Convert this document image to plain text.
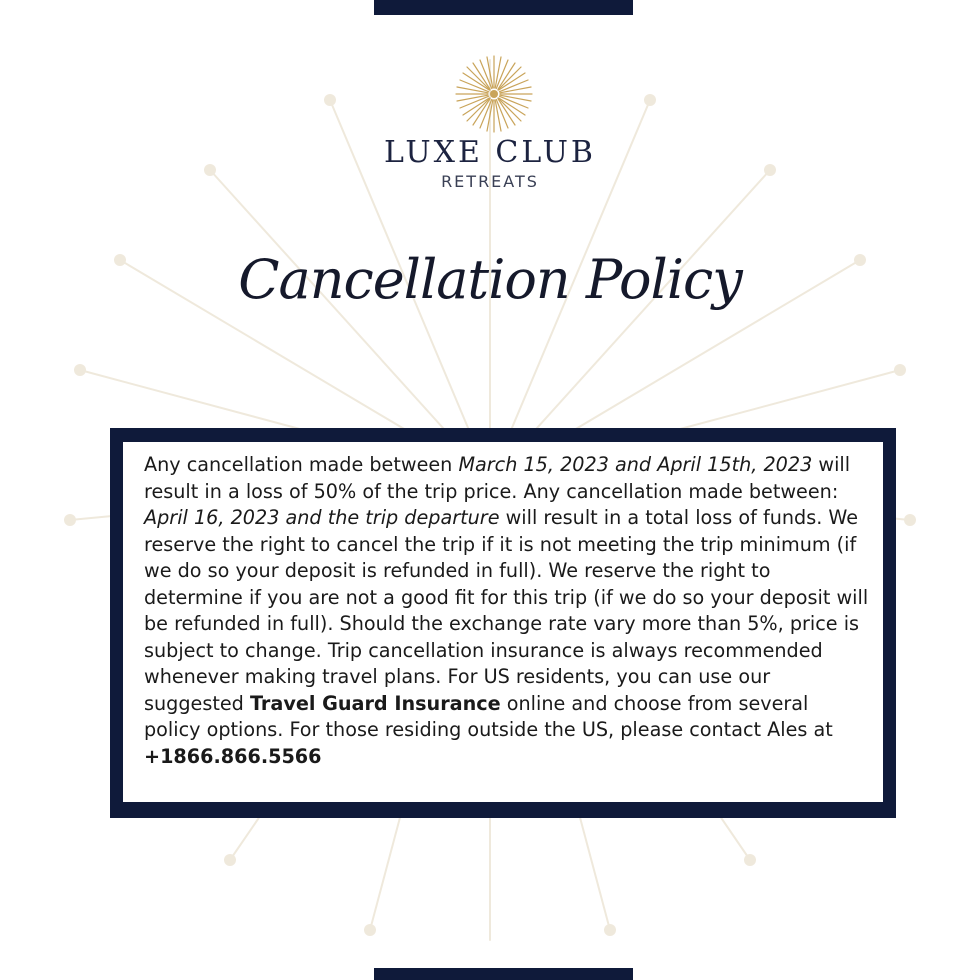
LUXE CLUB
RETREATS
Cancellation Policy

Any cancellation made between March 15, 2023 and April 15th, 2023 will result in a loss of 50% of the trip price. Any cancellation made between: April 16, 2023 and the trip departure will result in a total loss of funds. We reserve the right to cancel the trip if it is not meeting the trip minimum (if we do so your deposit is refunded in full). We reserve the right to determine if you are not a good fit for this trip (if we do so your deposit will be refunded in full). Should the exchange rate vary more than 5%, price is subject to change. Trip cancellation insurance is always recommended whenever making travel plans. For US residents, you can use our suggested Travel Guard Insurance online and choose from several policy options. For those residing outside the US, please contact Ales at +1866.866.5566
